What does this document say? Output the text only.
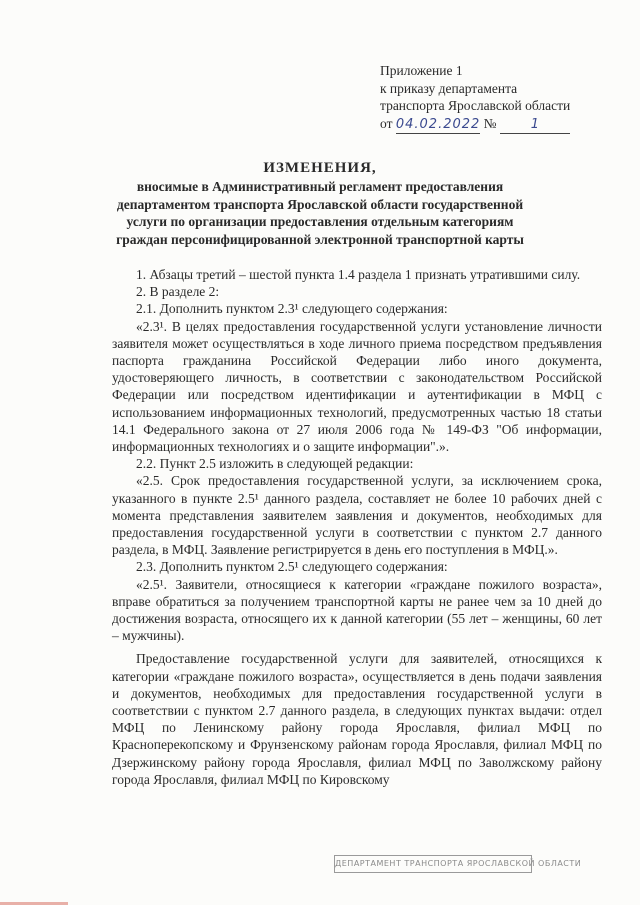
Приложение 1
к приказу департамента
транспорта Ярославской области
от 04.02.2022 №	1
ИЗМЕНЕНИЯ,
вносимые в Административный регламент предоставления департаментом транспорта Ярославской области государственной услуги по организации предоставления отдельным категориям граждан персонифицированной электронной транспортной карты

1. Абзацы третий – шестой пункта 1.4 раздела 1 признать утратившими силу.

2. В разделе 2:

2.1. Дополнить пунктом 2.3¹ следующего содержания:

«2.3¹. В целях предоставления государственной услуги установление личности заявителя может осуществляться в ходе личного приема посредством предъявления паспорта гражданина Российской Федерации либо иного документа, удостоверяющего личность, в соответствии с законодательством Российской Федерации или посредством идентификации и аутентификации в МФЦ с использованием информационных технологий, предусмотренных частью 18 статьи 14.1 Федерального закона от 27 июля 2006 года № 149-ФЗ "Об информации, информационных технологиях и о защите информации".».

2.2. Пункт 2.5 изложить в следующей редакции:

«2.5. Срок предоставления государственной услуги, за исключением срока, указанного в пункте 2.5¹ данного раздела, составляет не более 10 рабочих дней с момента представления заявителем заявления и документов, необходимых для предоставления государственной услуги в соответствии с пунктом 2.7 данного раздела, в МФЦ. Заявление регистрируется в день его поступления в МФЦ.».

2.3. Дополнить пунктом 2.5¹ следующего содержания:

«2.5¹. Заявители, относящиеся к категории «граждане пожилого возраста», вправе обратиться за получением транспортной карты не ранее чем за 10 дней до достижения возраста, относящего их к данной категории (55 лет – женщины, 60 лет – мужчины).

Предоставление государственной услуги для заявителей, относящихся к категории «граждане пожилого возраста», осуществляется в день подачи заявления и документов, необходимых для предоставления государственной услуги в соответствии с пунктом 2.7 данного раздела, в следующих пунктах выдачи: отдел МФЦ по Ленинскому району города Ярославля, филиал МФЦ по Красноперекопскому и Фрунзенскому районам города Ярославля, филиал МФЦ по Дзержинскому району города Ярославля, филиал МФЦ по Заволжскому району города Ярославля, филиал МФЦ по Кировскому

ДЕПАРТАМЕНТ ТРАНСПОРТА ЯРОСЛАВСКОЙ ОБЛАСТИ
